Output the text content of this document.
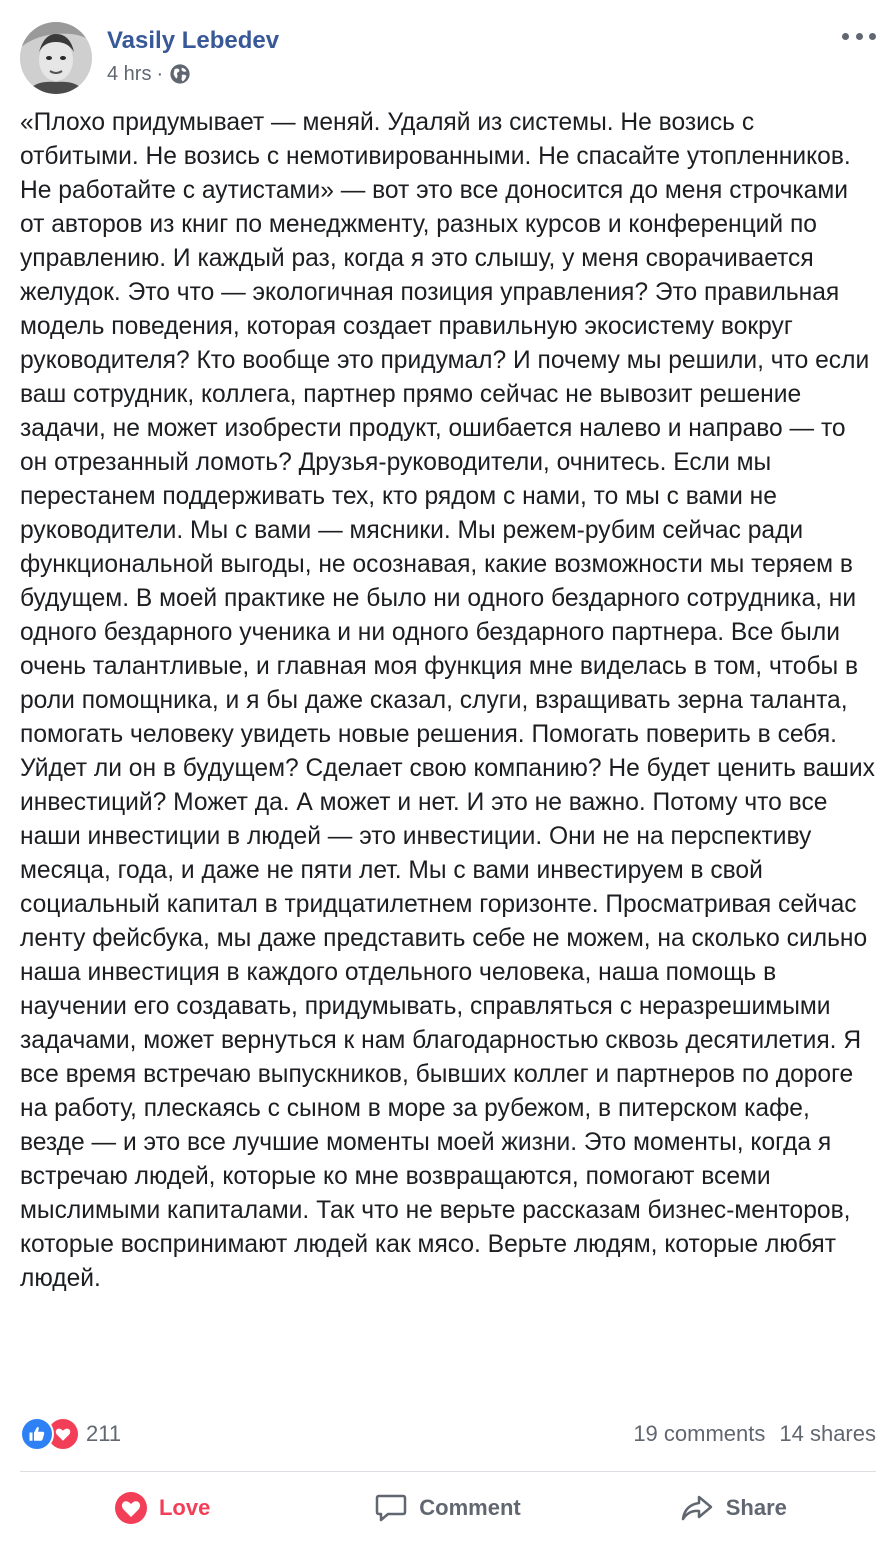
Vasily Lebedev
4 hrs ·

«Плохо придумывает — меняй. Удаляй из системы. Не возись с отбитыми. Не возись с немотивированными. Не спасайте утопленников. Не работайте с аутистами» — вот это все доносится до меня строчками от авторов из книг по менеджменту, разных курсов и конференций по управлению. И каждый раз, когда я это слышу, у меня сворачивается желудок. Это что — экологичная позиция управления? Это правильная модель поведения, которая создает правильную экосистему вокруг руководителя? Кто вообще это придумал? И почему мы решили, что если ваш сотрудник, коллега, партнер прямо сейчас не вывозит решение задачи, не может изобрести продукт, ошибается налево и направо — то он отрезанный ломоть? Друзья-руководители, очнитесь. Если мы перестанем поддерживать тех, кто рядом с нами, то мы с вами не руководители. Мы с вами — мясники. Мы режем-рубим сейчас ради функциональной выгоды, не осознавая, какие возможности мы теряем в будущем. В моей практике не было ни одного бездарного сотрудника, ни одного бездарного ученика и ни одного бездарного партнера. Все были очень талантливые, и главная моя функция мне виделась в том, чтобы в роли помощника, и я бы даже сказал, слуги, взращивать зерна таланта, помогать человеку увидеть новые решения. Помогать поверить в себя. Уйдет ли он в будущем? Сделает свою компанию? Не будет ценить ваших инвестиций? Может да. А может и нет. И это не важно. Потому что все наши инвестиции в людей — это инвестиции. Они не на перспективу месяца, года, и даже не пяти лет. Мы с вами инвестируем в свой социальный капитал в тридцатилетнем горизонте. Просматривая сейчас ленту фейсбука, мы даже представить себе не можем, на сколько сильно наша инвестиция в каждого отдельного человека, наша помощь в научении его создавать, придумывать, справляться с неразрешимыми задачами, может вернуться к нам благодарностью сквозь десятилетия. Я все время встречаю выпускников, бывших коллег и партнеров по дороге на работу, плескаясь с сыном в море за рубежом, в питерском кафе, везде — и это все лучшие моменты моей жизни. Это моменты, когда я встречаю людей, которые ко мне возвращаются, помогают всеми мыслимыми капиталами. Так что не верьте рассказам бизнес-менторов, которые воспринимают людей как мясо. Верьте людям, которые любят людей.

211	19 comments 14 shares
Love	Comment	Share
